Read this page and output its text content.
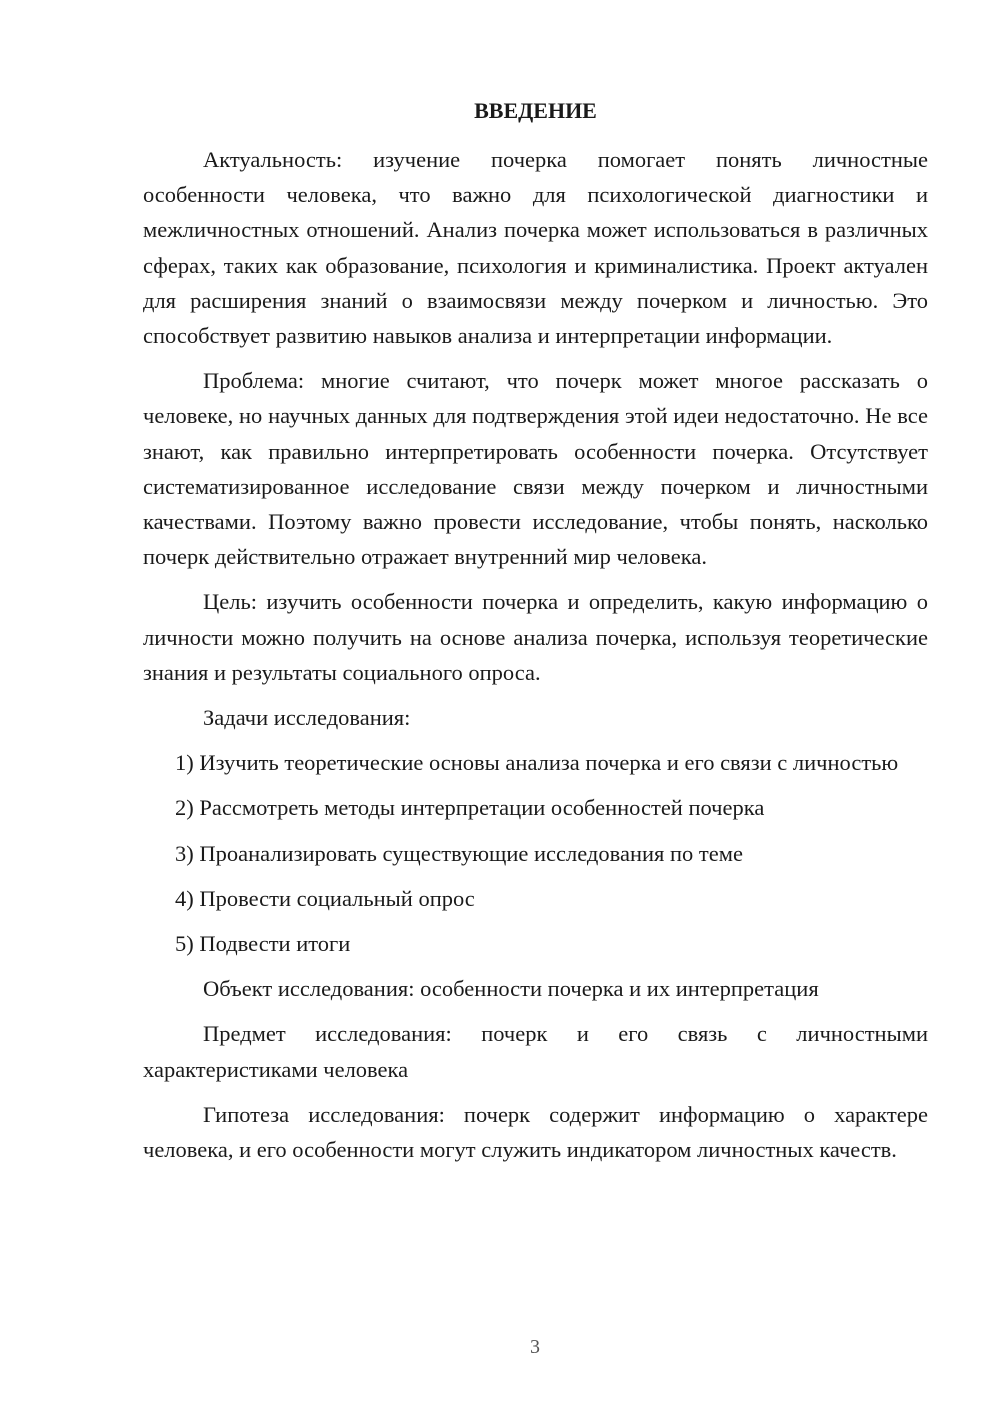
ВВЕДЕНИЕ

Актуальность: изучение почерка помогает понять личностные особенности человека, что важно для психологической диагностики и межличностных отношений. Анализ почерка может использоваться в различных сферах, таких как образование, психология и криминалистика. Проект актуален для расширения знаний о взаимосвязи между почерком и личностью. Это способствует развитию навыков анализа и интерпретации информации.

Проблема: многие считают, что почерк может многое рассказать о человеке, но научных данных для подтверждения этой идеи недостаточно. Не все знают, как правильно интерпретировать особенности почерка. Отсутствует систематизированное исследование связи между почерком и личностными качествами. Поэтому важно провести исследование, чтобы понять, насколько почерк действительно отражает внутренний мир человека.

Цель: изучить особенности почерка и определить, какую информацию о личности можно получить на основе анализа почерка, используя теоретические знания и результаты социального опроса.

Задачи исследования:

1) Изучить теоретические основы анализа почерка и его связи с личностью

2) Рассмотреть методы интерпретации особенностей почерка

3) Проанализировать существующие исследования по теме

4) Провести социальный опрос

5) Подвести итоги

Объект исследования: особенности почерка и их интерпретация

Предмет исследования: почерк и его связь с личностными характеристиками человека

Гипотеза исследования: почерк содержит информацию о характере человека, и его особенности могут служить индикатором личностных качеств.

3
